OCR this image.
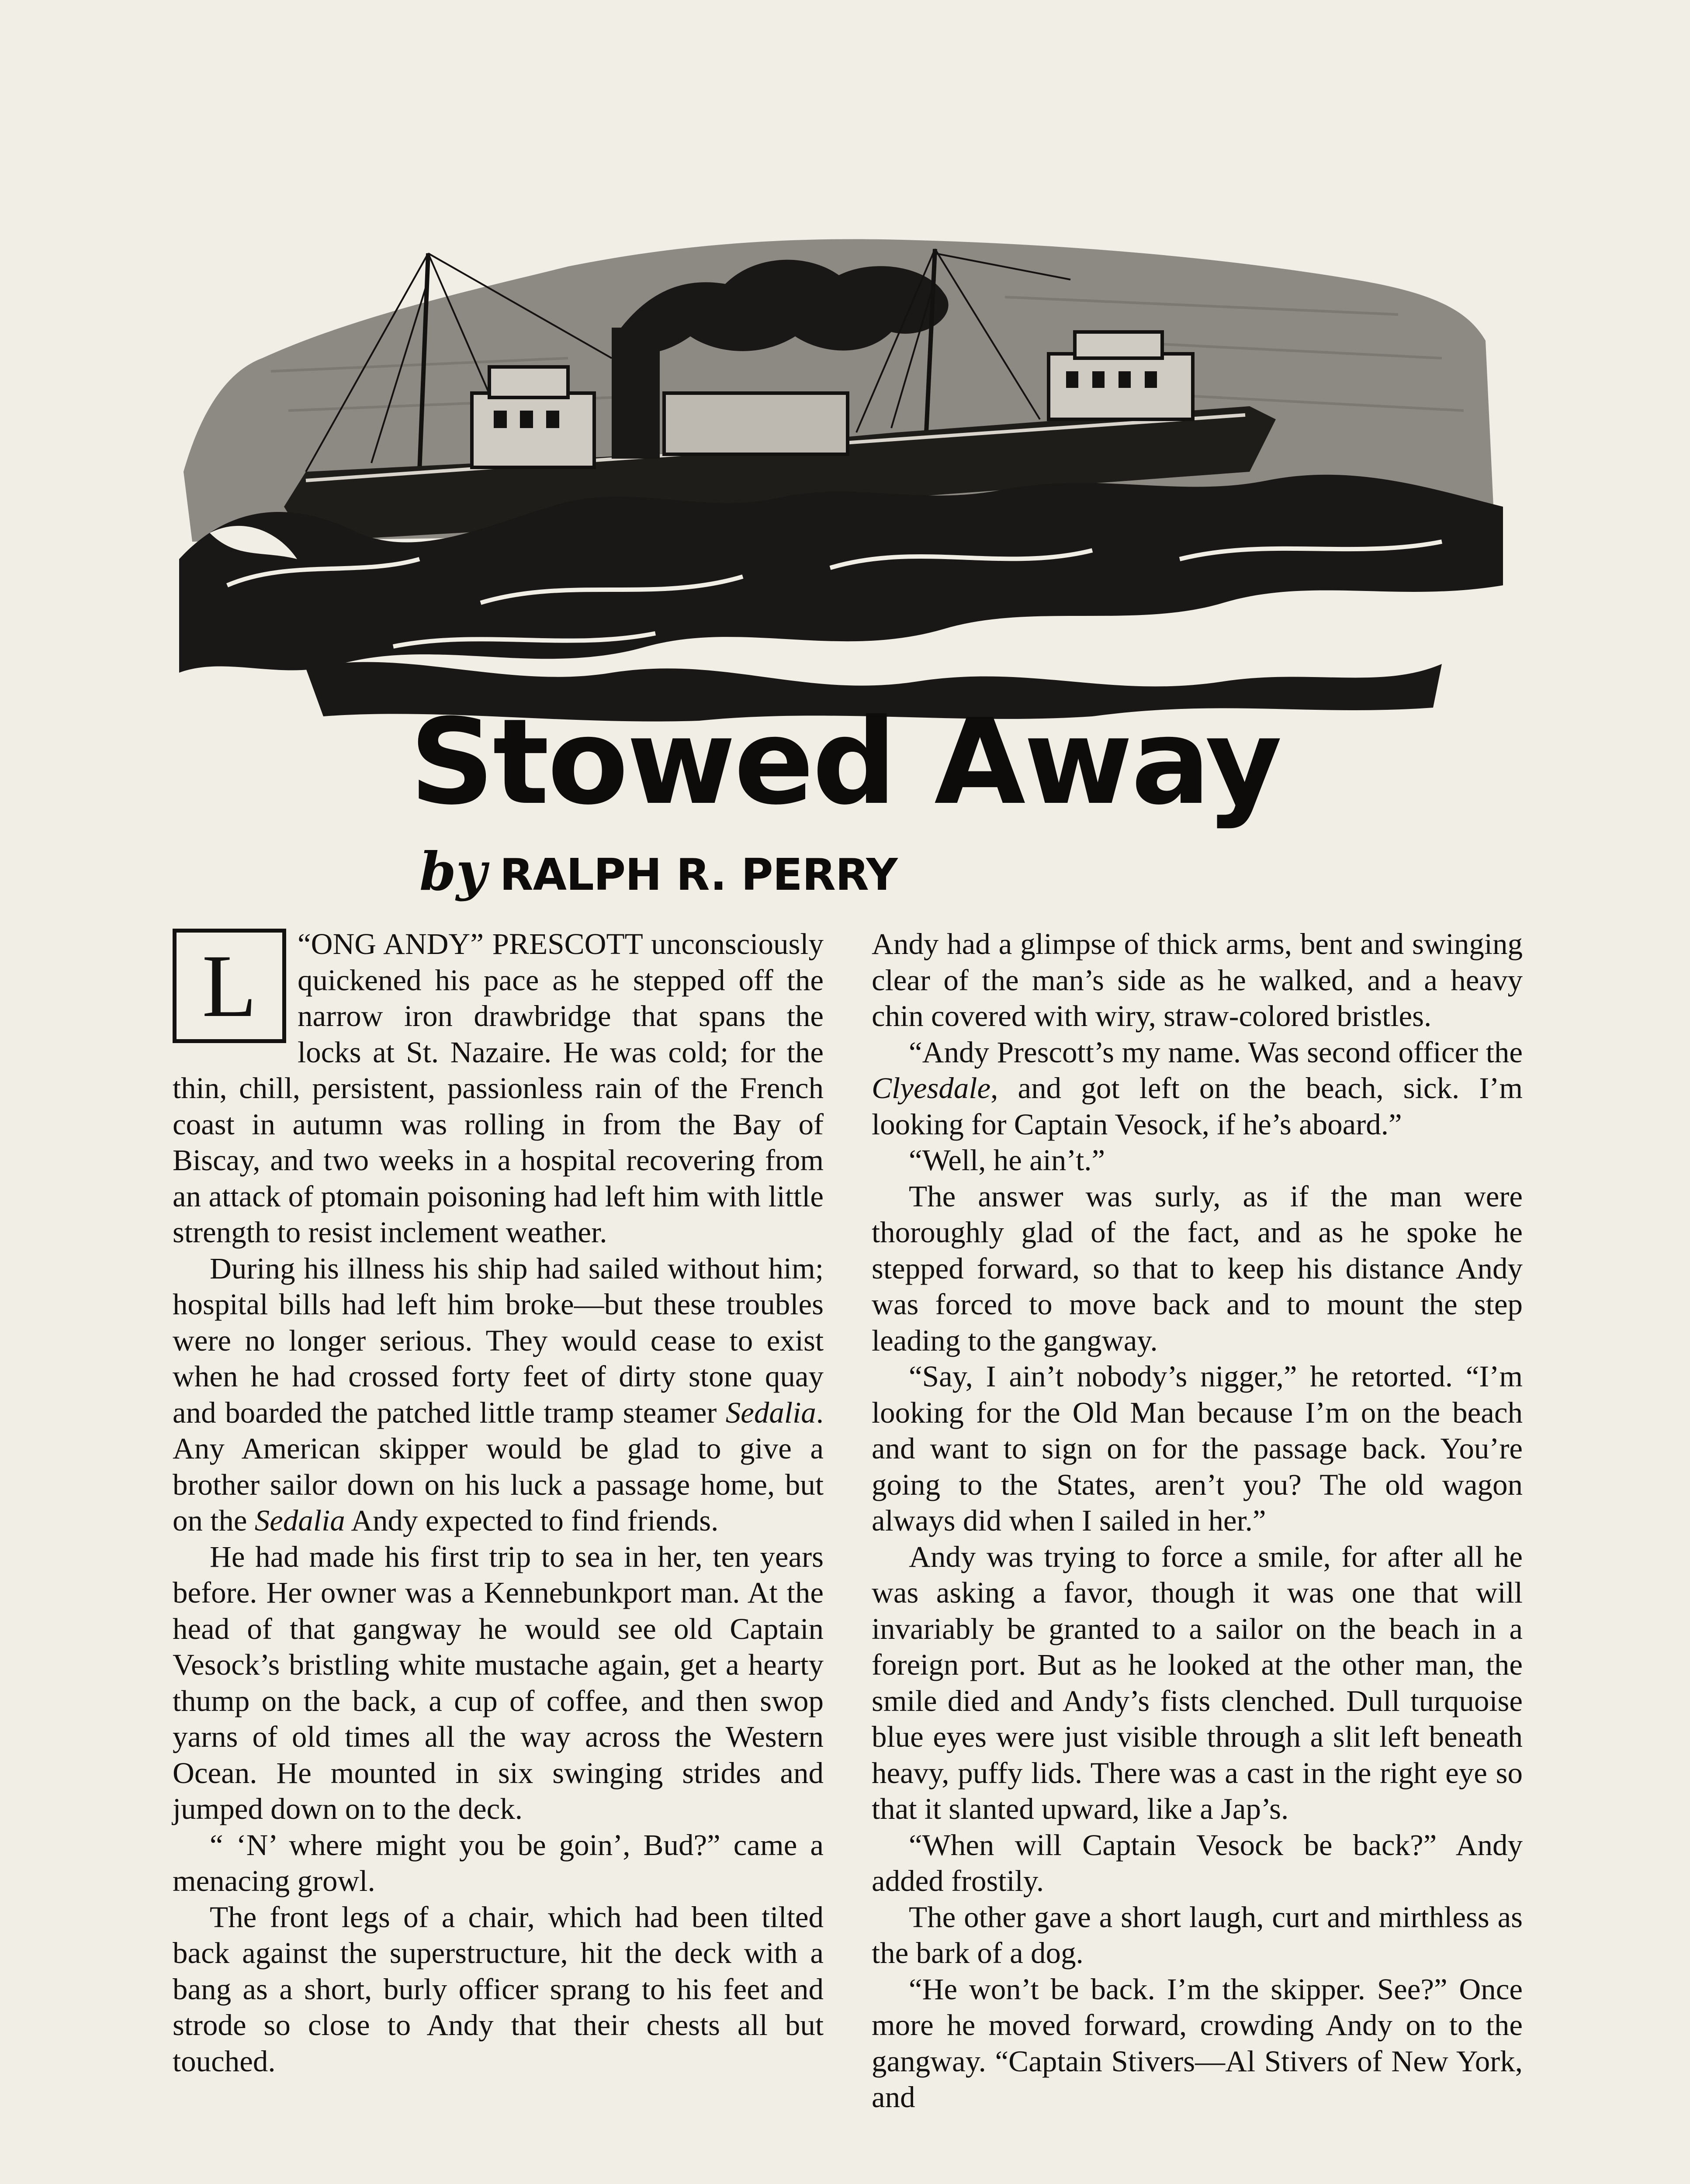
Stowed Away
by RALPH R. PERRY

L	“ONG ANDY” PRESCOTT unconsciously quickened his pace as he stepped off the narrow iron drawbridge that spans the locks at St. Nazaire. He was cold; for the thin, chill, persistent, passionless rain of the French coast in autumn was rolling in from the Bay of Biscay, and two weeks in a hospital recovering from an attack of ptomain poisoning had left him with little strength to resist inclement weather.

During his illness his ship had sailed without him; hospital bills had left him broke—but these troubles were no longer serious. They would cease to exist when he had crossed forty feet of dirty stone quay and boarded the patched little tramp steamer Sedalia. Any American skipper would be glad to give a brother sailor down on his luck a passage home, but on the Sedalia Andy expected to find friends.

He had made his first trip to sea in her, ten years before. Her owner was a Kennebunkport man. At the head of that gangway he would see old Captain Vesock’s bristling white mustache again, get a hearty thump on the back, a cup of coffee, and then swop yarns of old times all the way across the Western Ocean. He mounted in six swinging strides and jumped down on to the deck.

“ ‘N’ where might you be goin’, Bud?” came a menacing growl.

The front legs of a chair, which had been tilted back against the superstructure, hit the deck with a bang as a short, burly officer sprang to his feet and strode so close to Andy that their chests all but touched.

Andy had a glimpse of thick arms, bent and swinging clear of the man’s side as he walked, and a heavy chin covered with wiry, straw-colored bristles.

“Andy Prescott’s my name. Was second officer the Clyesdale, and got left on the beach, sick. I’m looking for Captain Vesock, if he’s aboard.”

“Well, he ain’t.”

The answer was surly, as if the man were thoroughly glad of the fact, and as he spoke he stepped forward, so that to keep his distance Andy was forced to move back and to mount the step leading to the gangway.

“Say, I ain’t nobody’s nigger,” he retorted. “I’m looking for the Old Man because I’m on the beach and want to sign on for the passage back. You’re going to the States, aren’t you? The old wagon always did when I sailed in her.”

Andy was trying to force a smile, for after all he was asking a favor, though it was one that will invariably be granted to a sailor on the beach in a foreign port. But as he looked at the other man, the smile died and Andy’s fists clenched. Dull turquoise blue eyes were just visible through a slit left beneath heavy, puffy lids. There was a cast in the right eye so that it slanted upward, like a Jap’s.

“When will Captain Vesock be back?” Andy added frostily.

The other gave a short laugh, curt and mirthless as the bark of a dog.

“He won’t be back. I’m the skipper. See?” Once more he moved forward, crowding Andy on to the gangway. “Captain Stivers—Al Stivers of New York, and
